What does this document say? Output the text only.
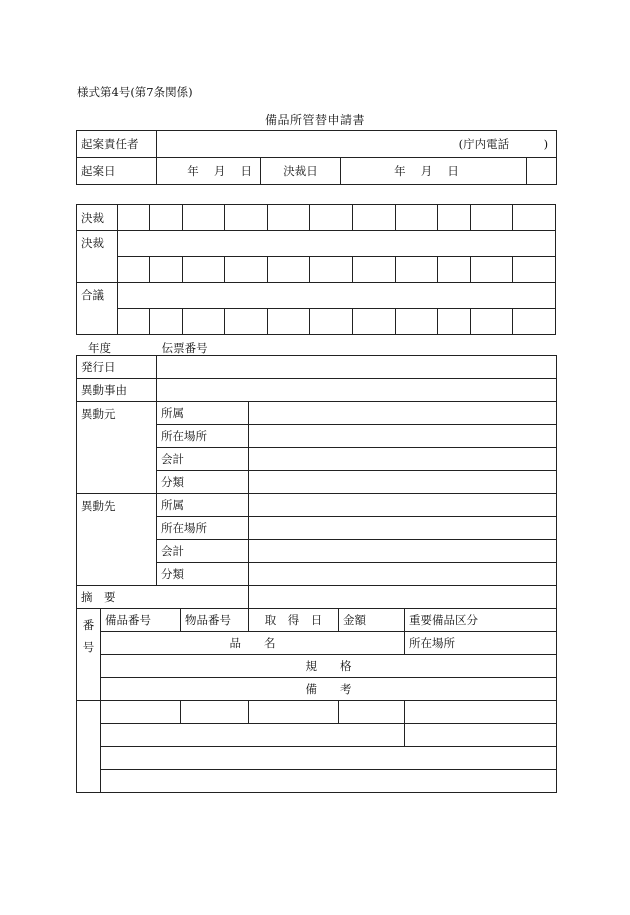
様式第4号(第7条関係)
備品所管替申請書
起案責任者	(庁内電話　　　)			
起案日	年　 月　 日	決裁日	年　 月　 日	
決裁											
決裁											

合議											

年度	伝票番号
発行日						
異動事由						
異動元		所属				
		所在場所				
		会計				
		分類				
異動先		所属				
		所在場所				
		会計				
		分類				
摘　要						

番
号	備品番号		物品番号	取　得　日	金額	重要備品区分
	品　　名					所在場所
	規　　格					
	備　　考					
